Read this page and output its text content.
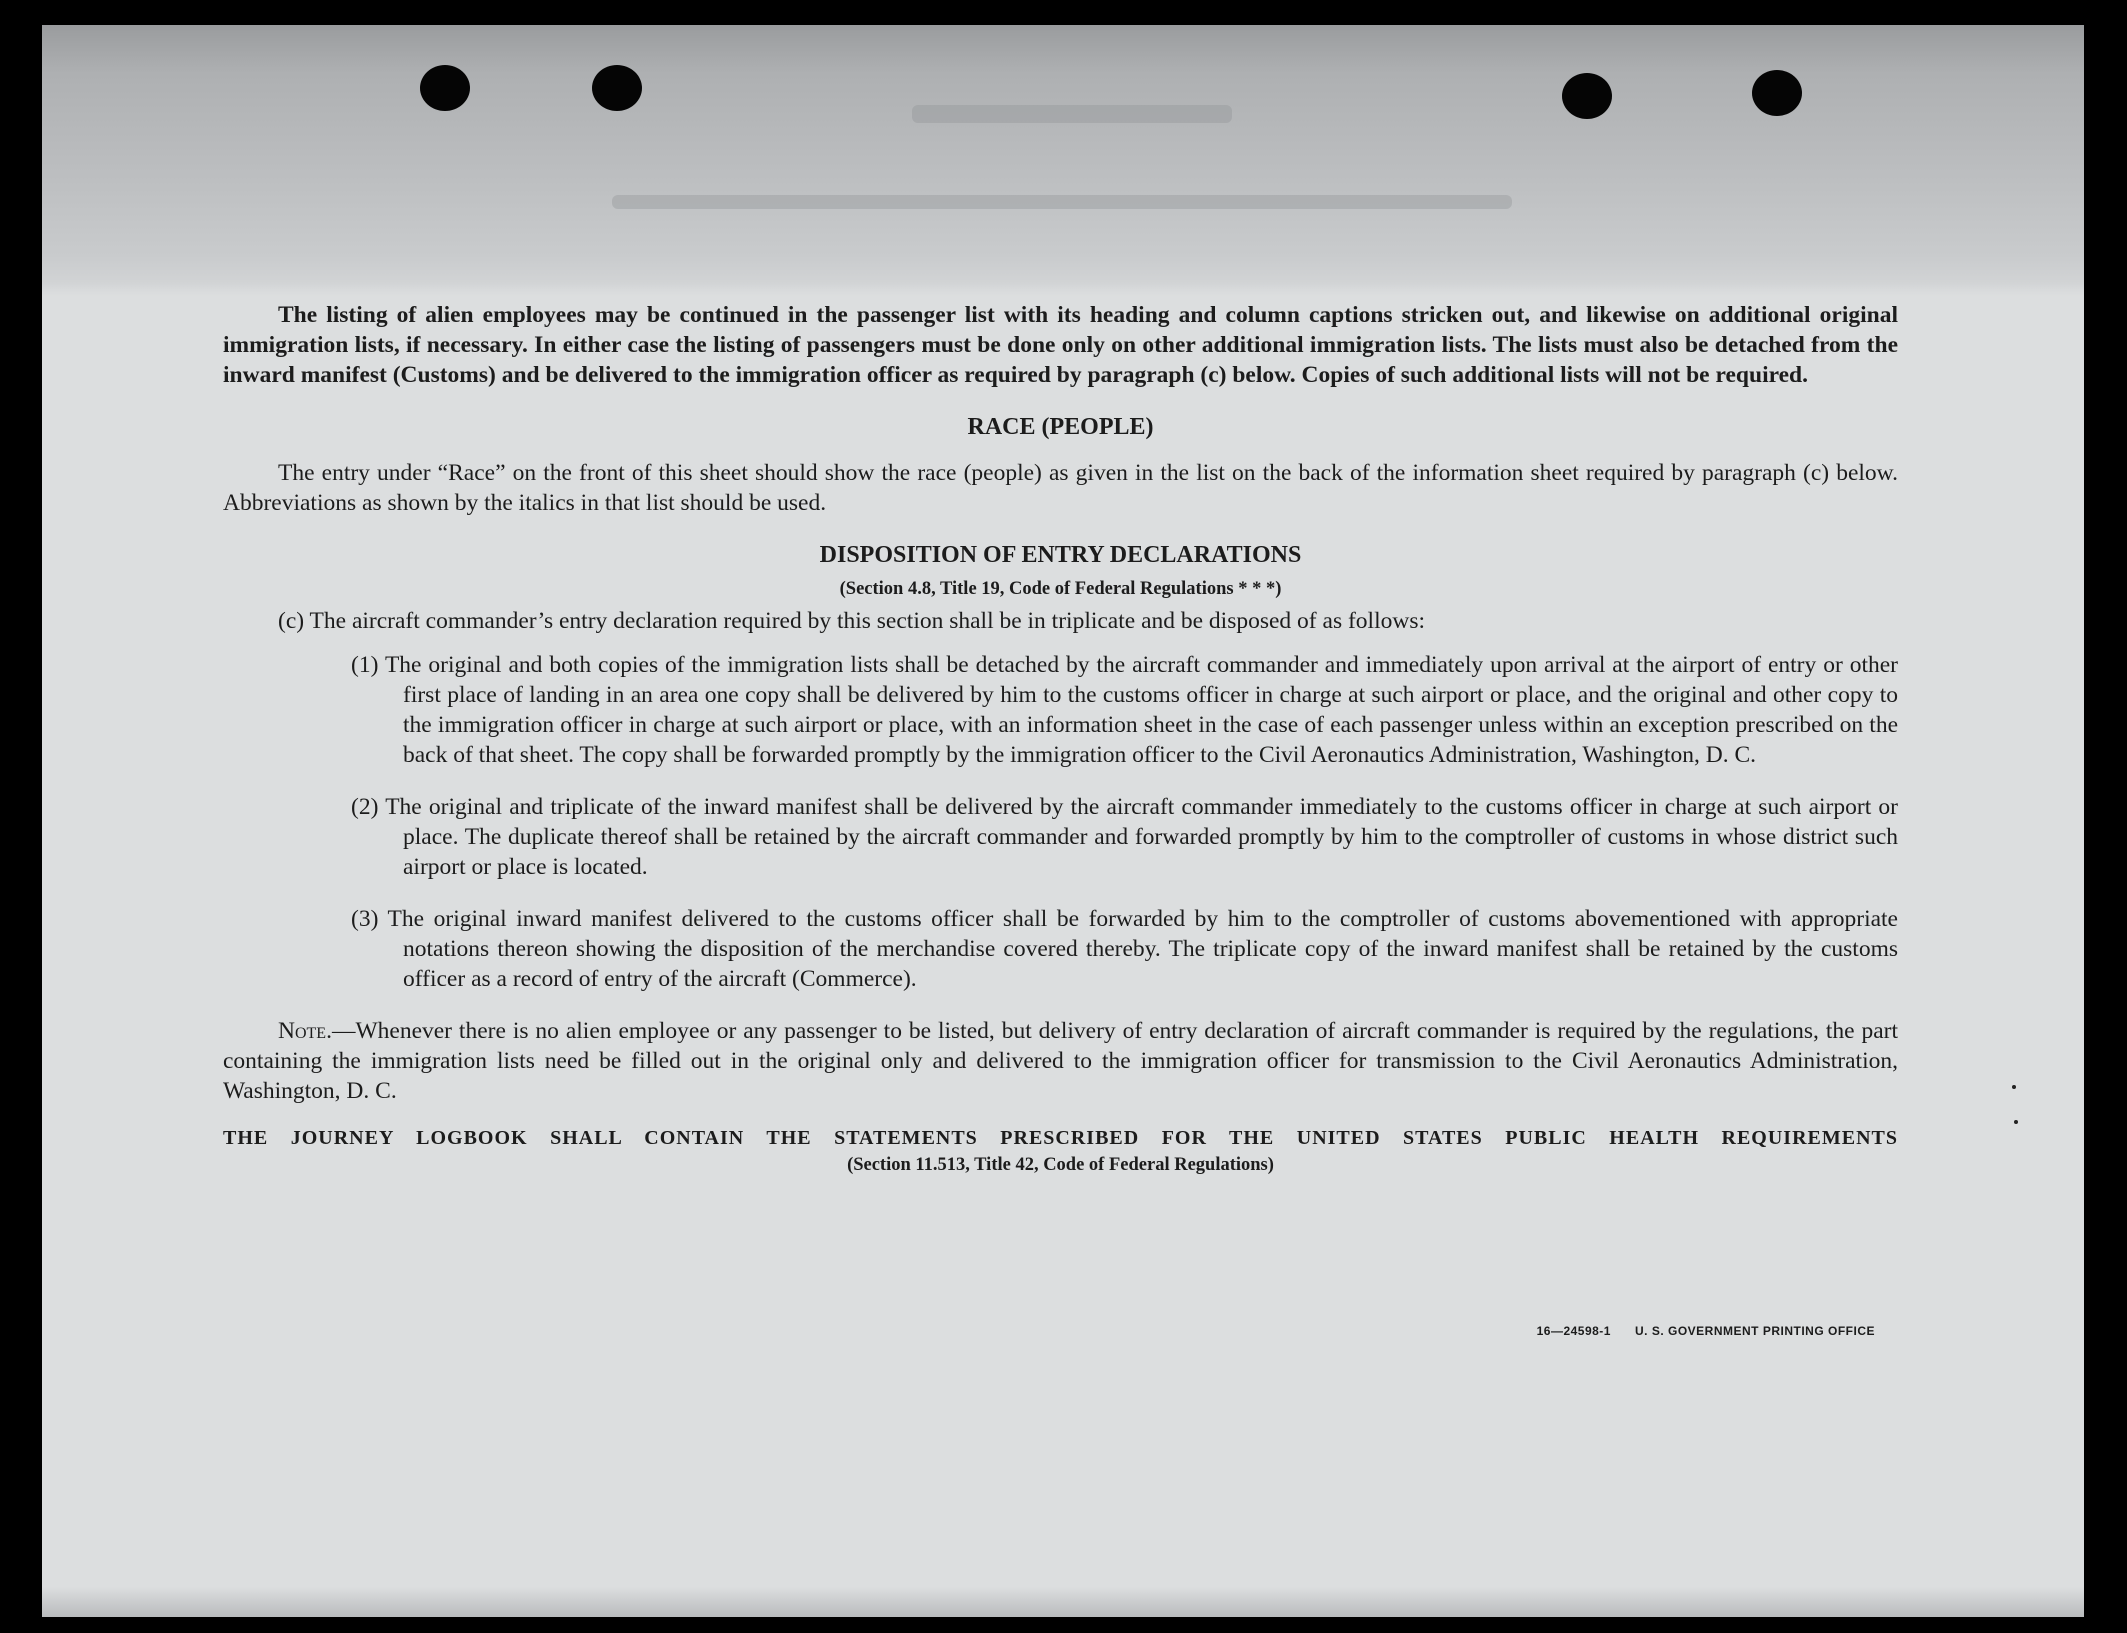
The listing of alien employees may be continued in the passenger list with its heading and column captions stricken out, and likewise on additional original immigration lists, if necessary. In either case the listing of passengers must be done only on other additional immigration lists. The lists must also be detached from the inward manifest (Customs) and be delivered to the immigration officer as required by paragraph (c) below. Copies of such additional lists will not be required.

RACE (PEOPLE)

The entry under “Race” on the front of this sheet should show the race (people) as given in the list on the back of the information sheet required by paragraph (c) below. Abbreviations as shown by the italics in that list should be used.

DISPOSITION OF ENTRY DECLARATIONS

(Section 4.8, Title 19, Code of Federal Regulations * * *)

(c) The aircraft commander’s entry declaration required by this section shall be in triplicate and be disposed of as follows:

(1) The original and both copies of the immigration lists shall be detached by the aircraft commander and immediately upon arrival at the airport of entry or other first place of landing in an area one copy shall be delivered by him to the customs officer in charge at such airport or place, and the original and other copy to the immigration officer in charge at such airport or place, with an information sheet in the case of each passenger unless within an exception prescribed on the back of that sheet. The copy shall be forwarded promptly by the immigration officer to the Civil Aeronautics Administration, Washington, D. C.

(2) The original and triplicate of the inward manifest shall be delivered by the aircraft commander immediately to the customs officer in charge at such airport or place. The duplicate thereof shall be retained by the aircraft commander and forwarded promptly by him to the comptroller of customs in whose district such airport or place is located.

(3) The original inward manifest delivered to the customs officer shall be forwarded by him to the comptroller of customs abovementioned with appropriate notations thereon showing the disposition of the merchandise covered thereby. The triplicate copy of the inward manifest shall be retained by the customs officer as a record of entry of the aircraft (Commerce).

Note.—Whenever there is no alien employee or any passenger to be listed, but delivery of entry declaration of aircraft commander is required by the regulations, the part containing the immigration lists need be filled out in the original only and delivered to the immigration officer for transmission to the Civil Aeronautics Administration, Washington, D. C.

THE JOURNEY LOGBOOK SHALL CONTAIN THE STATEMENTS PRESCRIBED FOR THE UNITED STATES PUBLIC HEALTH REQUIREMENTS

(Section 11.513, Title 42, Code of Federal Regulations)

16—24598-1 U. S. GOVERNMENT PRINTING OFFICE
